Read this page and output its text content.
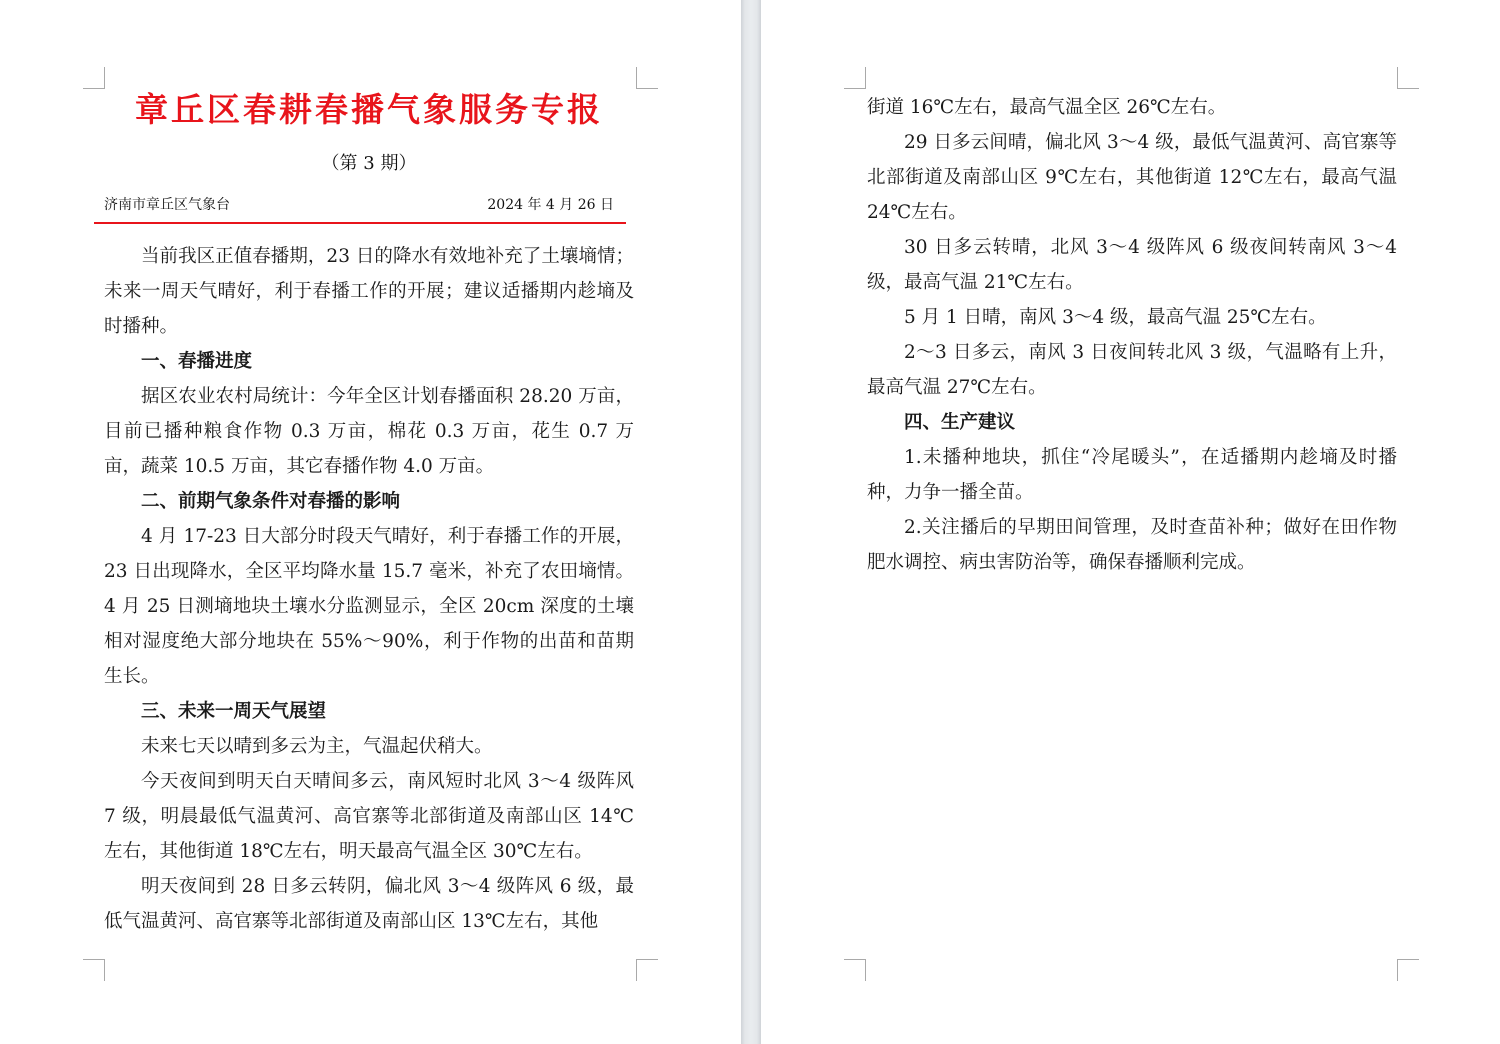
章丘区春耕春播气象服务专报
（第 3 期）
济南市章丘区气象台	2024 年 4 月 26 日

当前我区正值春播期，23 日的降水有效地补充了土壤墒情；未来一周天气晴好，利于春播工作的开展；建议适播期内趁墒及时播种。

一、春播进度

据区农业农村局统计：今年全区计划春播面积 28.20 万亩，目前已播种粮食作物 0.3 万亩，棉花 0.3 万亩，花生 0.7 万亩，蔬菜 10.5 万亩，其它春播作物 4.0 万亩。

二、前期气象条件对春播的影响

4 月 17-23 日大部分时段天气晴好，利于春播工作的开展，23 日出现降水，全区平均降水量 15.7 毫米，补充了农田墒情。4 月 25 日测墒地块土壤水分监测显示，全区 20cm 深度的土壤相对湿度绝大部分地块在 55%～90%，利于作物的出苗和苗期生长。

三、未来一周天气展望

未来七天以晴到多云为主，气温起伏稍大。

今天夜间到明天白天晴间多云，南风短时北风 3～4 级阵风 7 级，明晨最低气温黄河、高官寨等北部街道及南部山区 14℃左右，其他街道 18℃左右，明天最高气温全区 30℃左右。

明天夜间到 28 日多云转阴，偏北风 3～4 级阵风 6 级，最低气温黄河、高官寨等北部街道及南部山区 13℃左右，其他

街道 16℃左右，最高气温全区 26℃左右。

29 日多云间晴，偏北风 3～4 级，最低气温黄河、高官寨等北部街道及南部山区 9℃左右，其他街道 12℃左右，最高气温 24℃左右。

30 日多云转晴，北风 3～4 级阵风 6 级夜间转南风 3～4 级，最高气温 21℃左右。

5 月 1 日晴，南风 3～4 级，最高气温 25℃左右。

2～3 日多云，南风 3 日夜间转北风 3 级，气温略有上升，最高气温 27℃左右。

四、生产建议

1.未播种地块，抓住“冷尾暖头”，在适播期内趁墒及时播种，力争一播全苗。

2.关注播后的早期田间管理，及时查苗补种；做好在田作物肥水调控、病虫害防治等，确保春播顺利完成。
